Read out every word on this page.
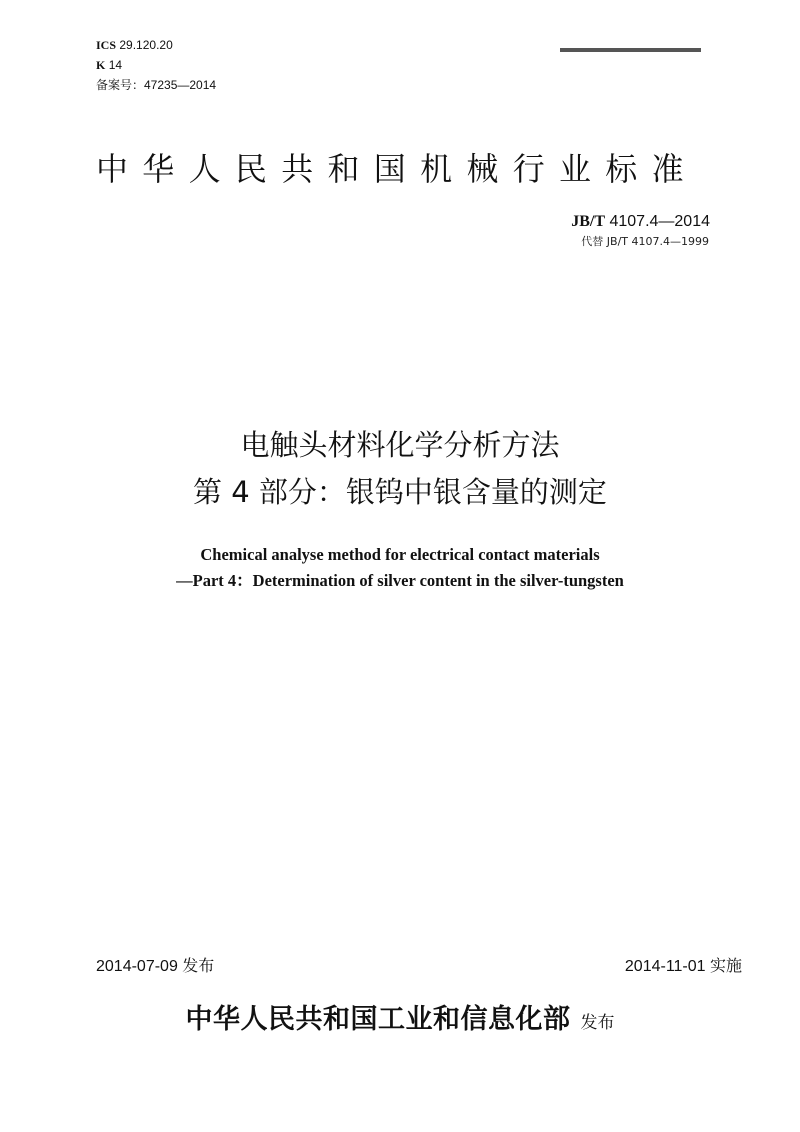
ICS 29.120.20
K 14
备案号：47235—2014
中华人民共和国机械行业标准
JB/T 4107.4—2014
代替 JB/T 4107.4—1999
电触头材料化学分析方法
第 4 部分：银钨中银含量的测定
Chemical analyse method for electrical contact materials
—Part 4：Determination of silver content in the silver-tungsten
2014-07-09 发布	2014-11-01 实施
中华人民共和国工业和信息化部 发布
